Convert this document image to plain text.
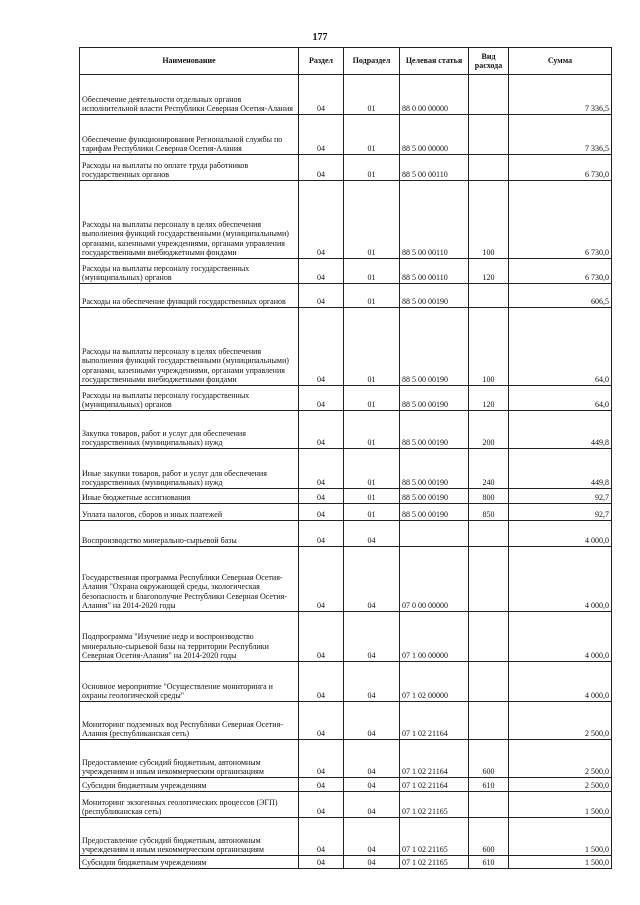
177
Наименование	Раздел	Подраздел	Целевая статья	Вид расхода	Сумма
Обеспечение деятельности отдельных органов исполнительной власти Республики Северная Осетия-Алания	04	01	88 0 00 00000		7 336,5
Обеспечение функционирования Региональной службы по тарифам Республики Северная Осетия-Алания	04	01	88 5 00 00000		7 336,5
Расходы на выплаты по оплате труда работников государственных органов	04	01	88 5 00 00110		6 730,0
Расходы на выплаты персоналу в целях обеспечения выполнения функций государственными (муниципальными) органами, казенными учреждениями, органами управления государственными внебюджетными фондами	04	01	88 5 00 00110	100	6 730,0
Расходы на выплаты персоналу государственных (муниципальных) органов	04	01	88 5 00 00110	120	6 730,0
Расходы на обеспечение функций государственных органов	04	01	88 5 00 00190		606,5
Расходы на выплаты персоналу в целях обеспечения выполнения функций государственными (муниципальными) органами, казенными учреждениями, органами управления государственными внебюджетными фондами	04	01	88 5 00 00190	100	64,0
Расходы на выплаты персоналу государственных (муниципальных) органов	04	01	88 5 00 00190	120	64,0
Закупка товаров, работ и услуг для обеспечения государственных (муниципальных) нужд	04	01	88 5 00 00190	200	449,8
Иные закупки товаров, работ и услуг для обеспечения государственных (муниципальных) нужд	04	01	88 5 00 00190	240	449,8
Иные бюджетные ассигнования	04	01	88 5 00 00190	800	92,7
Уплата налогов, сборов и иных платежей	04	01	88 5 00 00190	850	92,7
Воспроизводство минерально-сырьевой базы	04	04			4 000,0
Государственная программа Республики Северная Осетия-Алания "Охрана окружающей среды, экологическая безопасность и благополучие Республики Северная Осетия-Алания" на 2014-2020 годы	04	04	07 0 00 00000		4 000,0
Подпрограмма "Изучение недр и воспроизводство минерально-сырьевой базы на территории Республики Северная Осетия-Алания" на 2014-2020 годы	04	04	07 1 00 00000		4 000,0
Основное мероприятие "Осуществление мониторинга и охраны геологической среды"	04	04	07 1 02 00000		4 000,0
Мониторинг подземных вод Республики Северная Осетия-Алания (республиканская сеть)	04	04	07 1 02 21164		2 500,0
Предоставление субсидий бюджетным, автономным учреждениям и иным некоммерческим организациям	04	04	07 1 02 21164	600	2 500,0
Субсидии бюджетным учреждениям	04	04	07 1 02 21164	610	2 500,0
Мониторинг экзогенных геологических процессов (ЭГП) (республиканская сеть)	04	04	07 1 02 21165		1 500,0
Предоставление субсидий бюджетным, автономным учреждениям и иным некоммерческим организациям	04	04	07 1 02 21165	600	1 500,0
Субсидии бюджетным учреждениям	04	04	07 1 02 21165	610	1 500,0
